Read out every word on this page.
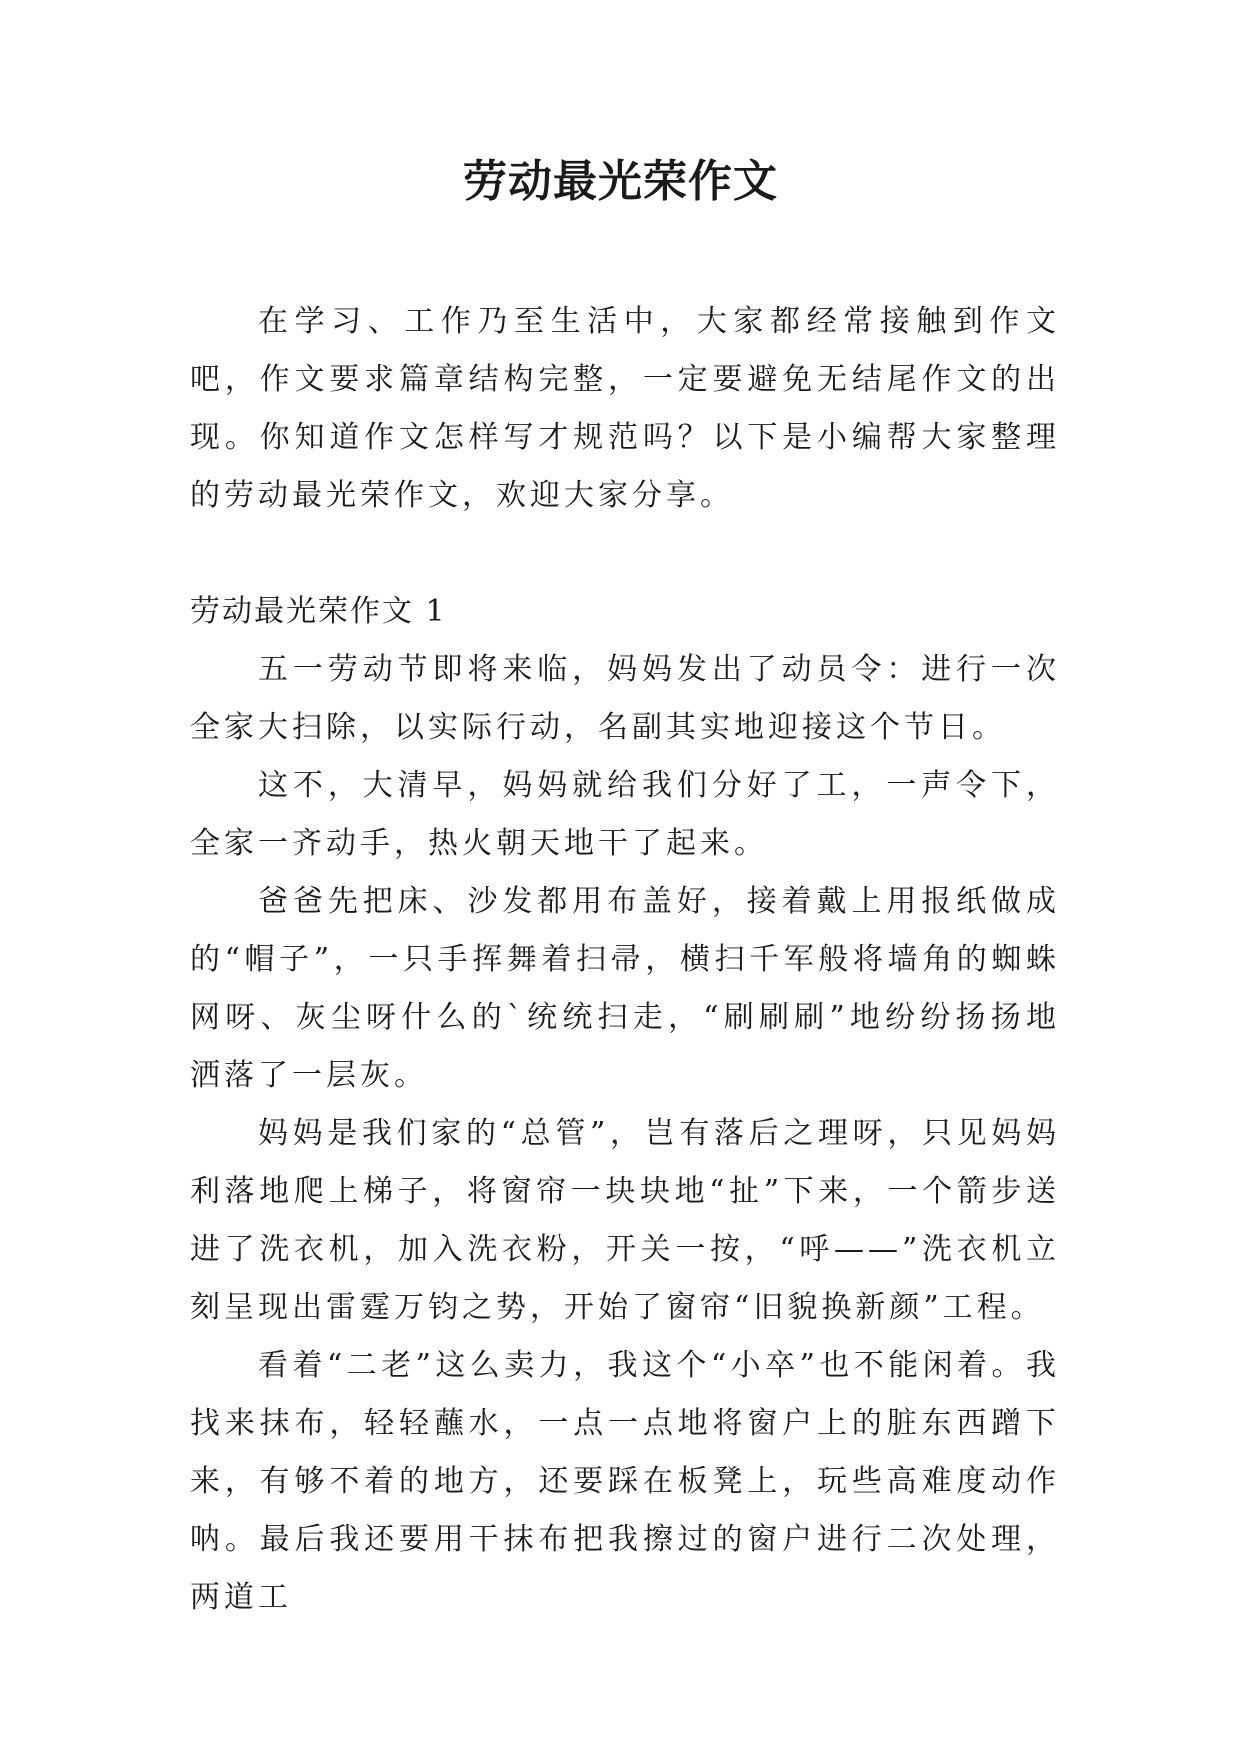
劳动最光荣作文

在学习、工作乃至生活中，大家都经常接触到作文吧，作文要求篇章结构完整，一定要避免无结尾作文的出现。你知道作文怎样写才规范吗？以下是小编帮大家整理的劳动最光荣作文，欢迎大家分享。

劳动最光荣作文 1

五一劳动节即将来临，妈妈发出了动员令：进行一次全家大扫除，以实际行动，名副其实地迎接这个节日。

这不，大清早，妈妈就给我们分好了工，一声令下，全家一齐动手，热火朝天地干了起来。

爸爸先把床、沙发都用布盖好，接着戴上用报纸做成的“帽子”，一只手挥舞着扫帚，横扫千军般将墙角的蜘蛛网呀、灰尘呀什么的`统统扫走，“刷刷刷”地纷纷扬扬地洒落了一层灰。

妈妈是我们家的“总管”，岂有落后之理呀，只见妈妈利落地爬上梯子，将窗帘一块块地“扯”下来，一个箭步送进了洗衣机，加入洗衣粉，开关一按，“呼——”洗衣机立刻呈现出雷霆万钧之势，开始了窗帘“旧貌换新颜”工程。

看着“二老”这么卖力，我这个“小卒”也不能闲着。我找来抹布，轻轻蘸水，一点一点地将窗户上的脏东西蹭下来，有够不着的地方，还要踩在板凳上，玩些高难度动作呐。最后我还要用干抹布把我擦过的窗户进行二次处理，两道工
